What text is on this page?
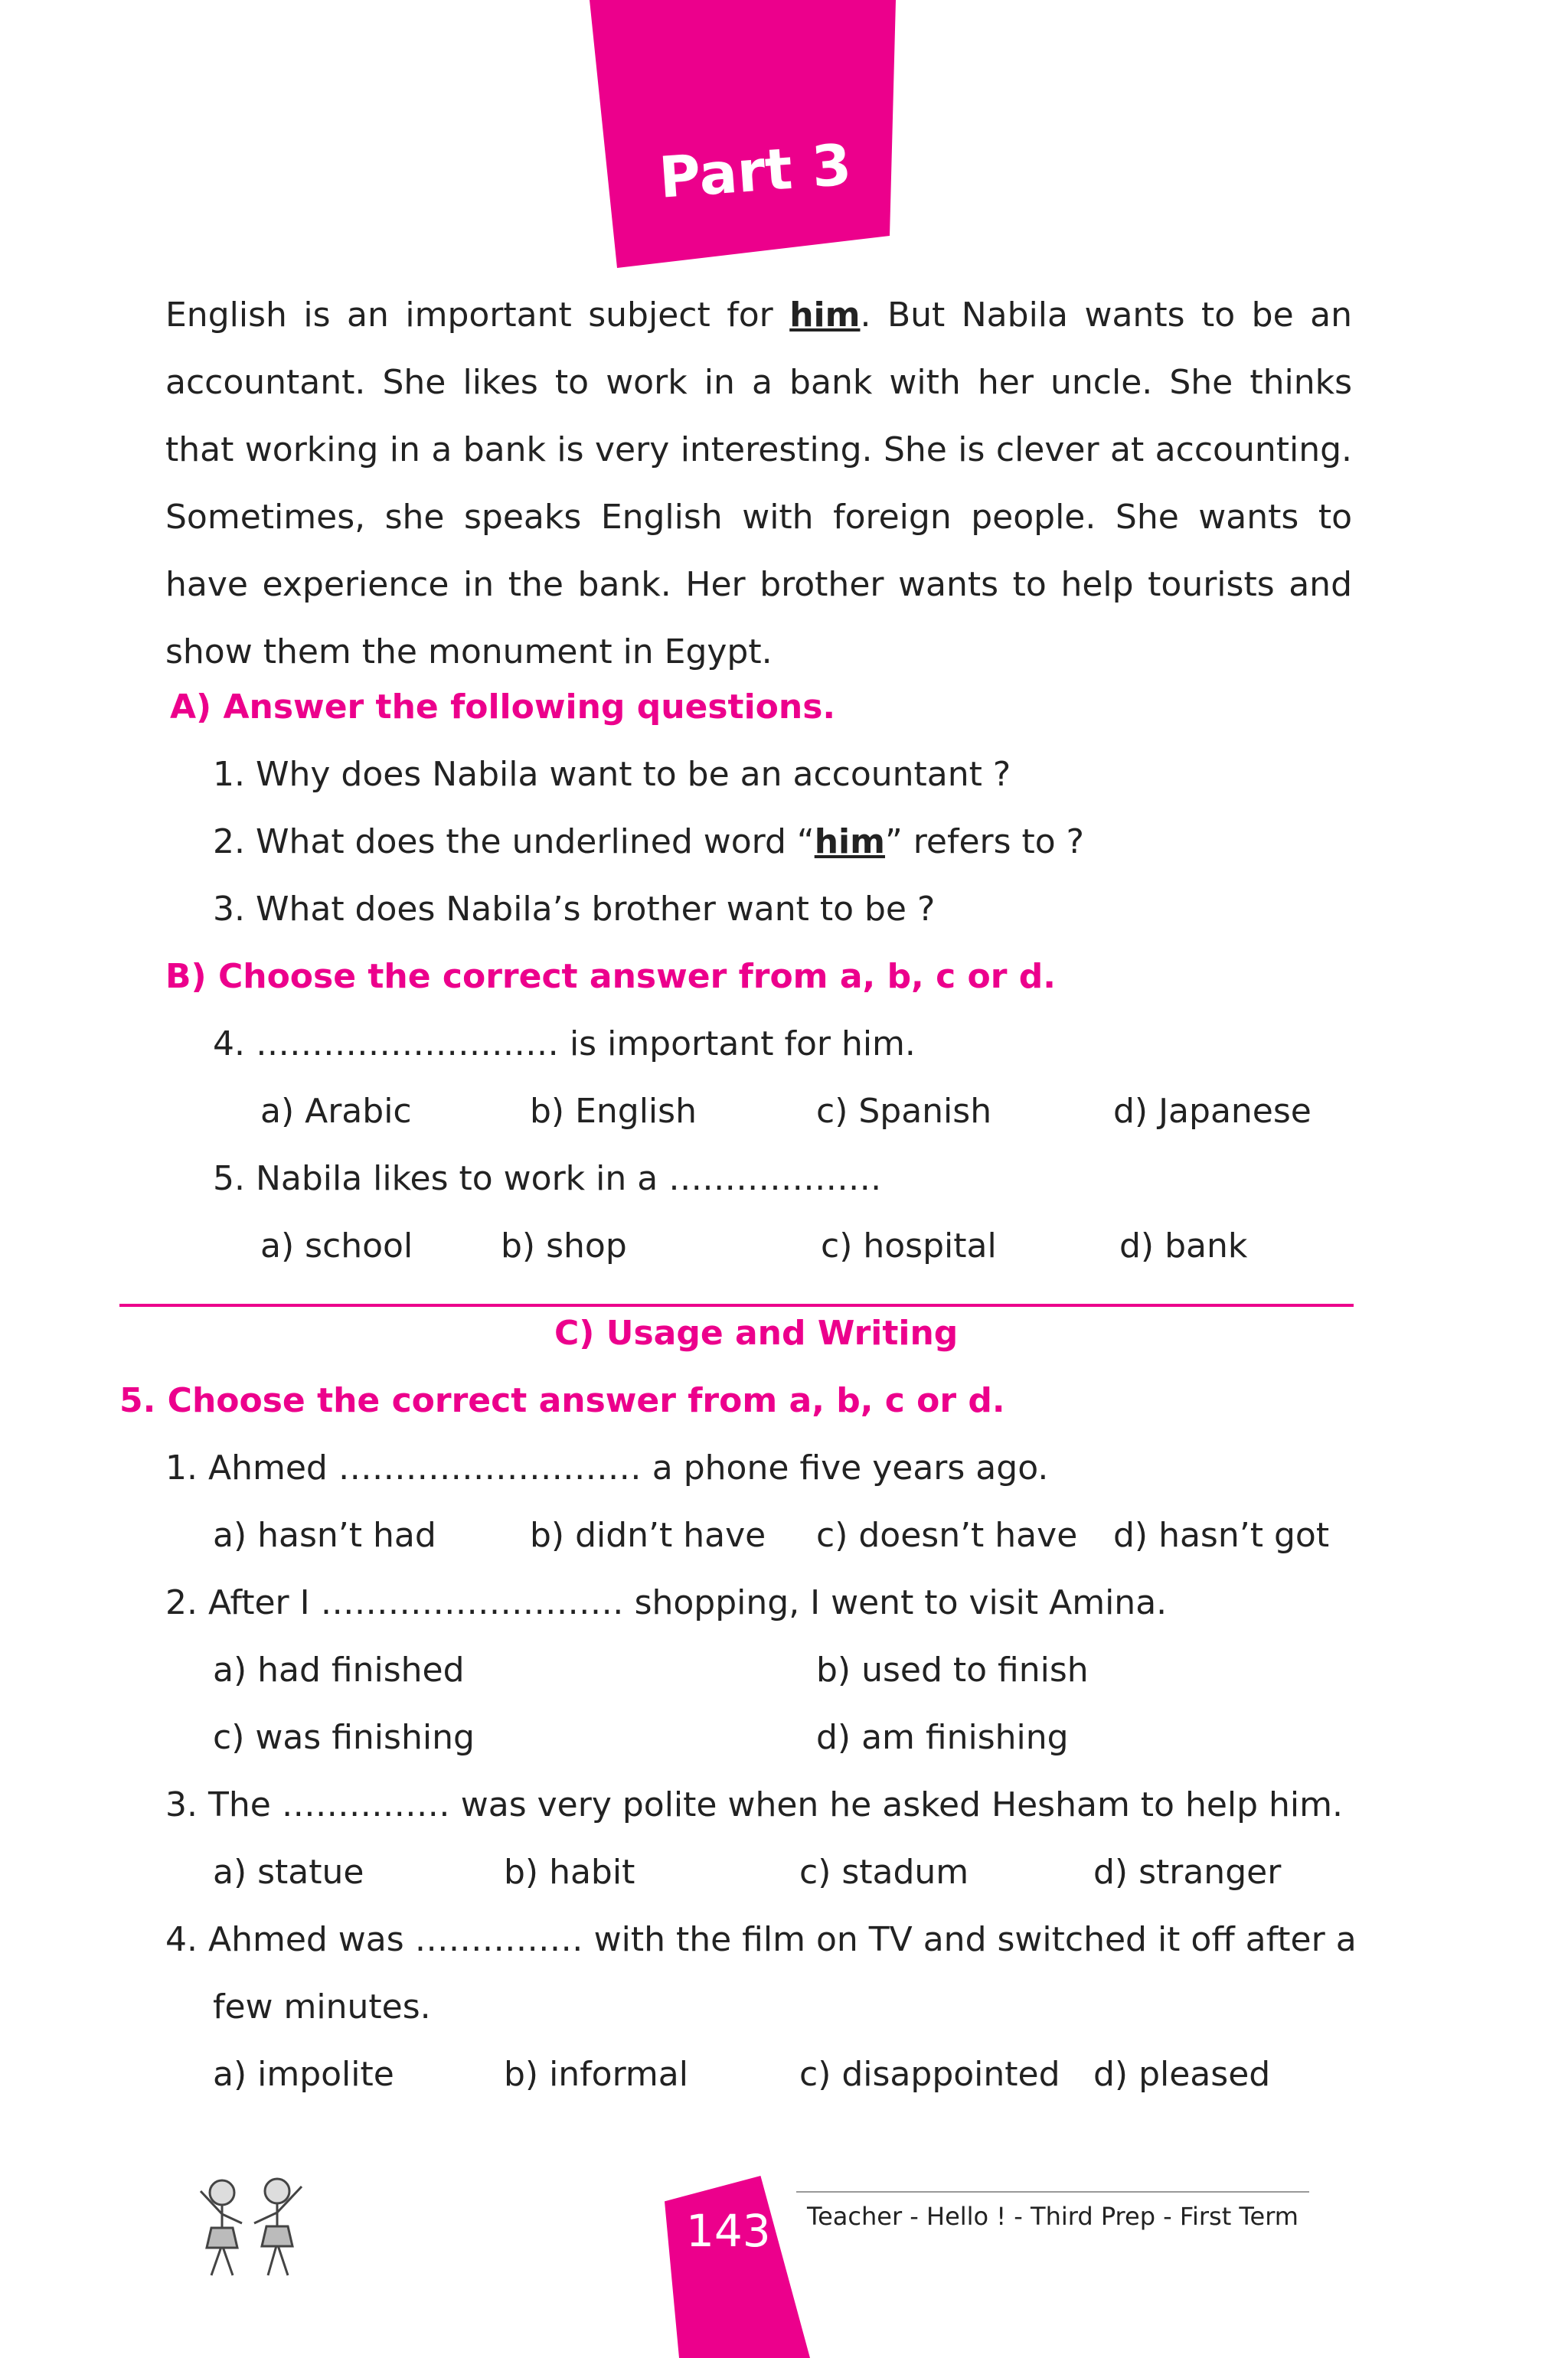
Part 3

English is an important subject for him. But Nabila wants to be an accountant. She likes to work in a bank with her uncle. She thinks that working in a bank is very interesting. She is clever at accounting. Sometimes, she speaks English with foreign people. She wants to have experience in the bank. Her brother wants to help tourists and show them the monument in Egypt.

A) Answer the following questions.
1. Why does Nabila want to be an accountant ?
2. What does the underlined word “him” refers to ?
3. What does Nabila’s brother want to be ?
B) Choose the correct answer from a, b, c or d.
4. ……………………… is important for him.
a) Arabic	b) English	c) Spanish	d) Japanese
5. Nabila likes to work in a ……………….
a) school	b) shop	c) hospital	d) bank
C) Usage and Writing
5. Choose the correct answer from a, b, c or d.
1. Ahmed ……………………… a phone five years ago.
a) hasn’t had	b) didn’t have c) doesn’t have d) hasn’t got
2. After I ……………………… shopping, I went to visit Amina.
a) had finished	b) used to finish
c) was finishing	d) am finishing
3. The …………… was very polite when he asked Hesham to help him.
a) statue	b) habit	c) stadum	d) stranger
4. Ahmed was …………… with the film on TV and switched it off after a
few minutes.
a) impolite	b) informal	c) disappointed d) pleased
143 Teacher - Hello ! - Third Prep - First Term
